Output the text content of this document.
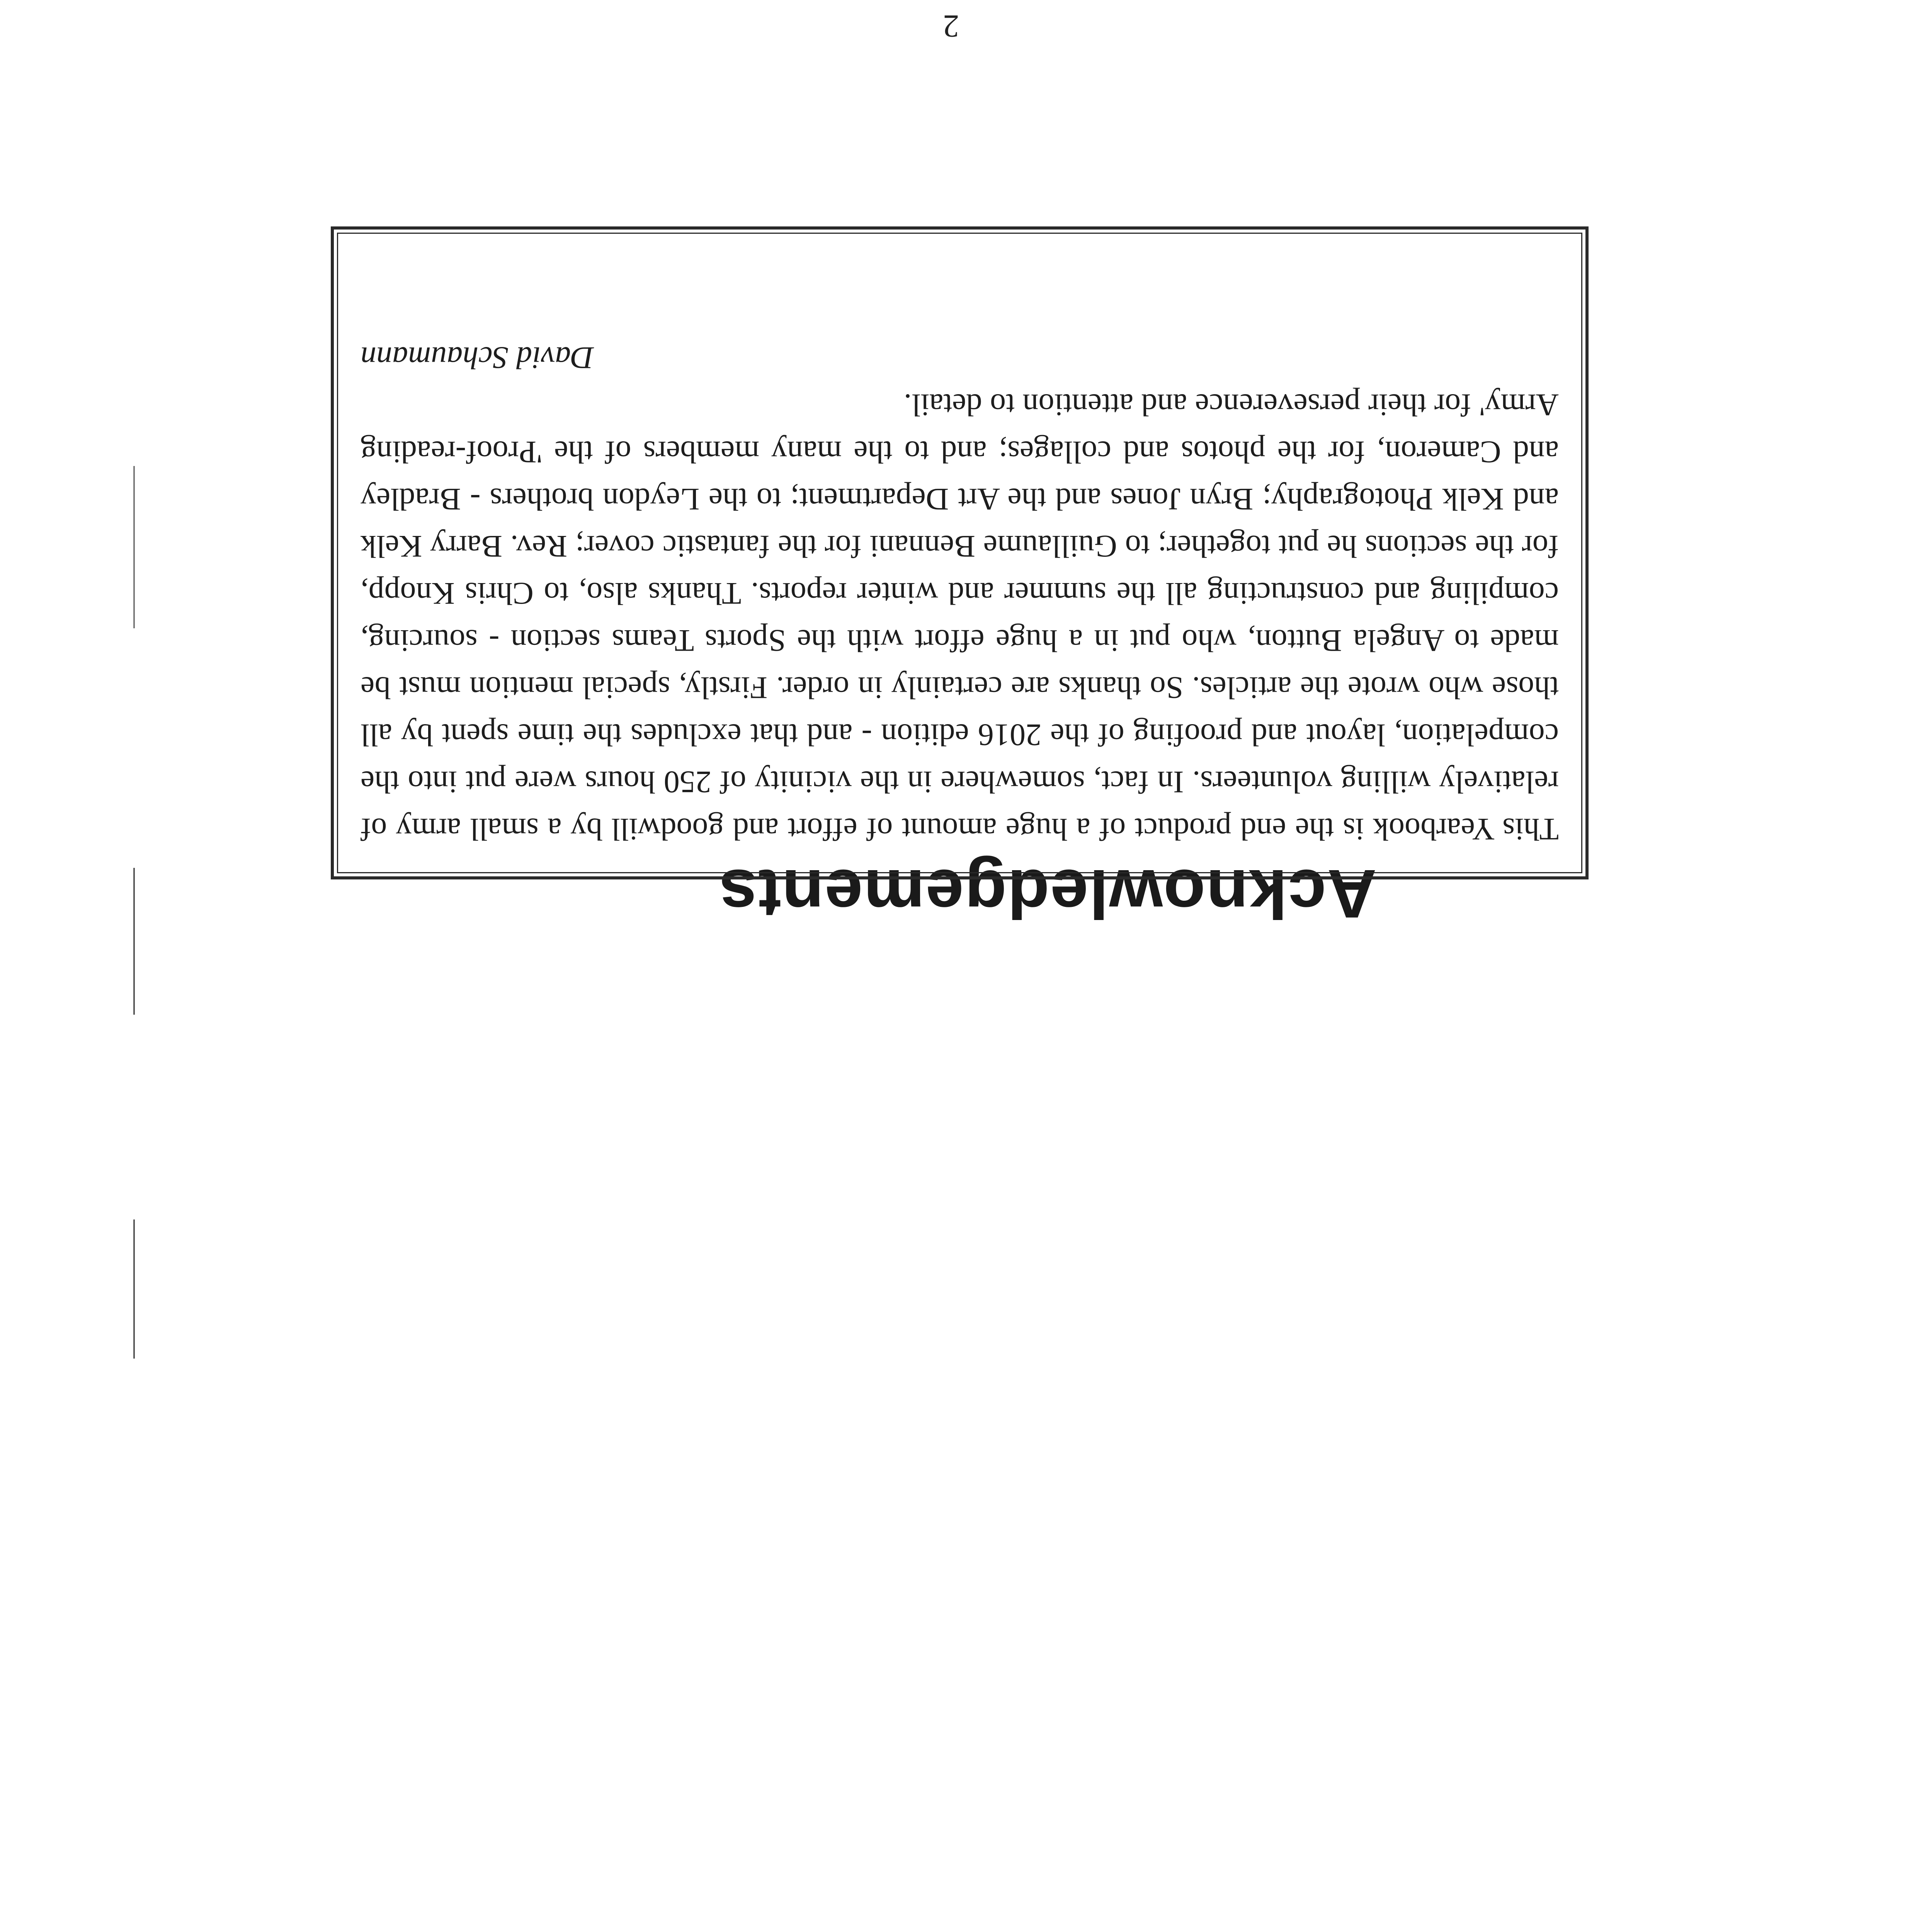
Acknowledgements

This Yearbook is the end product of a huge amount of effort and goodwill by a small army of relatively willing volunteers. In fact, somewhere in the vicinity of 250 hours were put into the compelation, layout and proofing of the 2016 edition - and that excludes the time spent by all those who wrote the articles. So thanks are certainly in order. Firstly, special mention must be made to Angela Button, who put in a huge effort with the Sports Teams section - sourcing, compiling and constructing all the summer and winter reports. Thanks also, to Chris Knopp, for the sections he put together; to Guillaume Bennani for the fantastic cover; Rev. Barry Kelk and Kelk Photography; Bryn Jones and the Art Department; to the Leydon brothers - Bradley and Cameron, for the photos and collages; and to the many members of the 'Proof-reading Army' for their perseverence and attention to detail.

David Schaumann

2
